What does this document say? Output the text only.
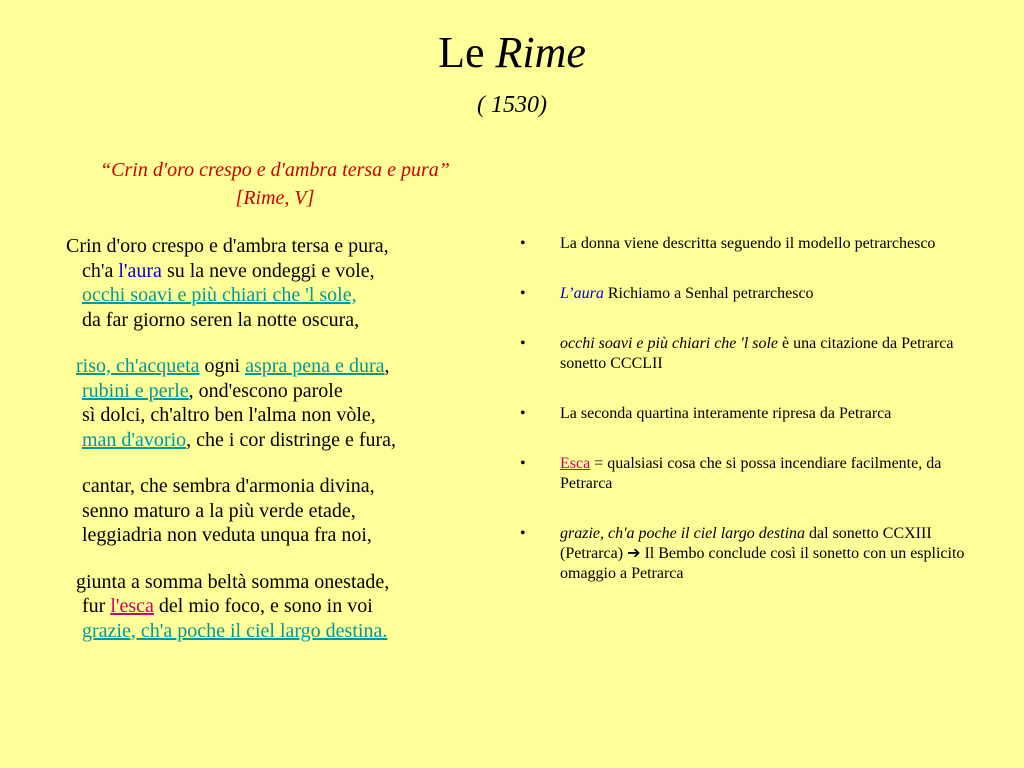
Le Rime
( 1530)
“Crin d'oro crespo e d'ambra tersa e pura”
[Rime, V]
Crin d'oro crespo e d'ambra tersa e pura,
ch'a l'aura su la neve ondeggi e vole,
occhi soavi e più chiari che 'l sole,
da far giorno seren la notte oscura,
riso, ch'acqueta ogni aspra pena e dura,
rubini e perle, ond'escono parole
sì dolci, ch'altro ben l'alma non vòle,
man d'avorio, che i cor distringe e fura,
cantar, che sembra d'armonia divina,
senno maturo a la più verde etade,
leggiadria non veduta unqua fra noi,
giunta a somma beltà somma onestade,
fur l'esca del mio foco, e sono in voi
grazie, ch'a poche il ciel largo destina.
• La donna viene descritta seguendo il modello petrarchesco
• L’aura Richiamo a Senhal petrarchesco
• occhi soavi e più chiari che 'l sole è una citazione da Petrarca sonetto CCCLII
• La seconda quartina interamente ripresa da Petrarca
• Esca = qualsiasi cosa che si possa incendiare facilmente, da Petrarca
• grazie, ch'a poche il ciel largo destina dal sonetto CCXIII (Petrarca) ➔ Il Bembo conclude così il sonetto con un esplicito omaggio a Petrarca
